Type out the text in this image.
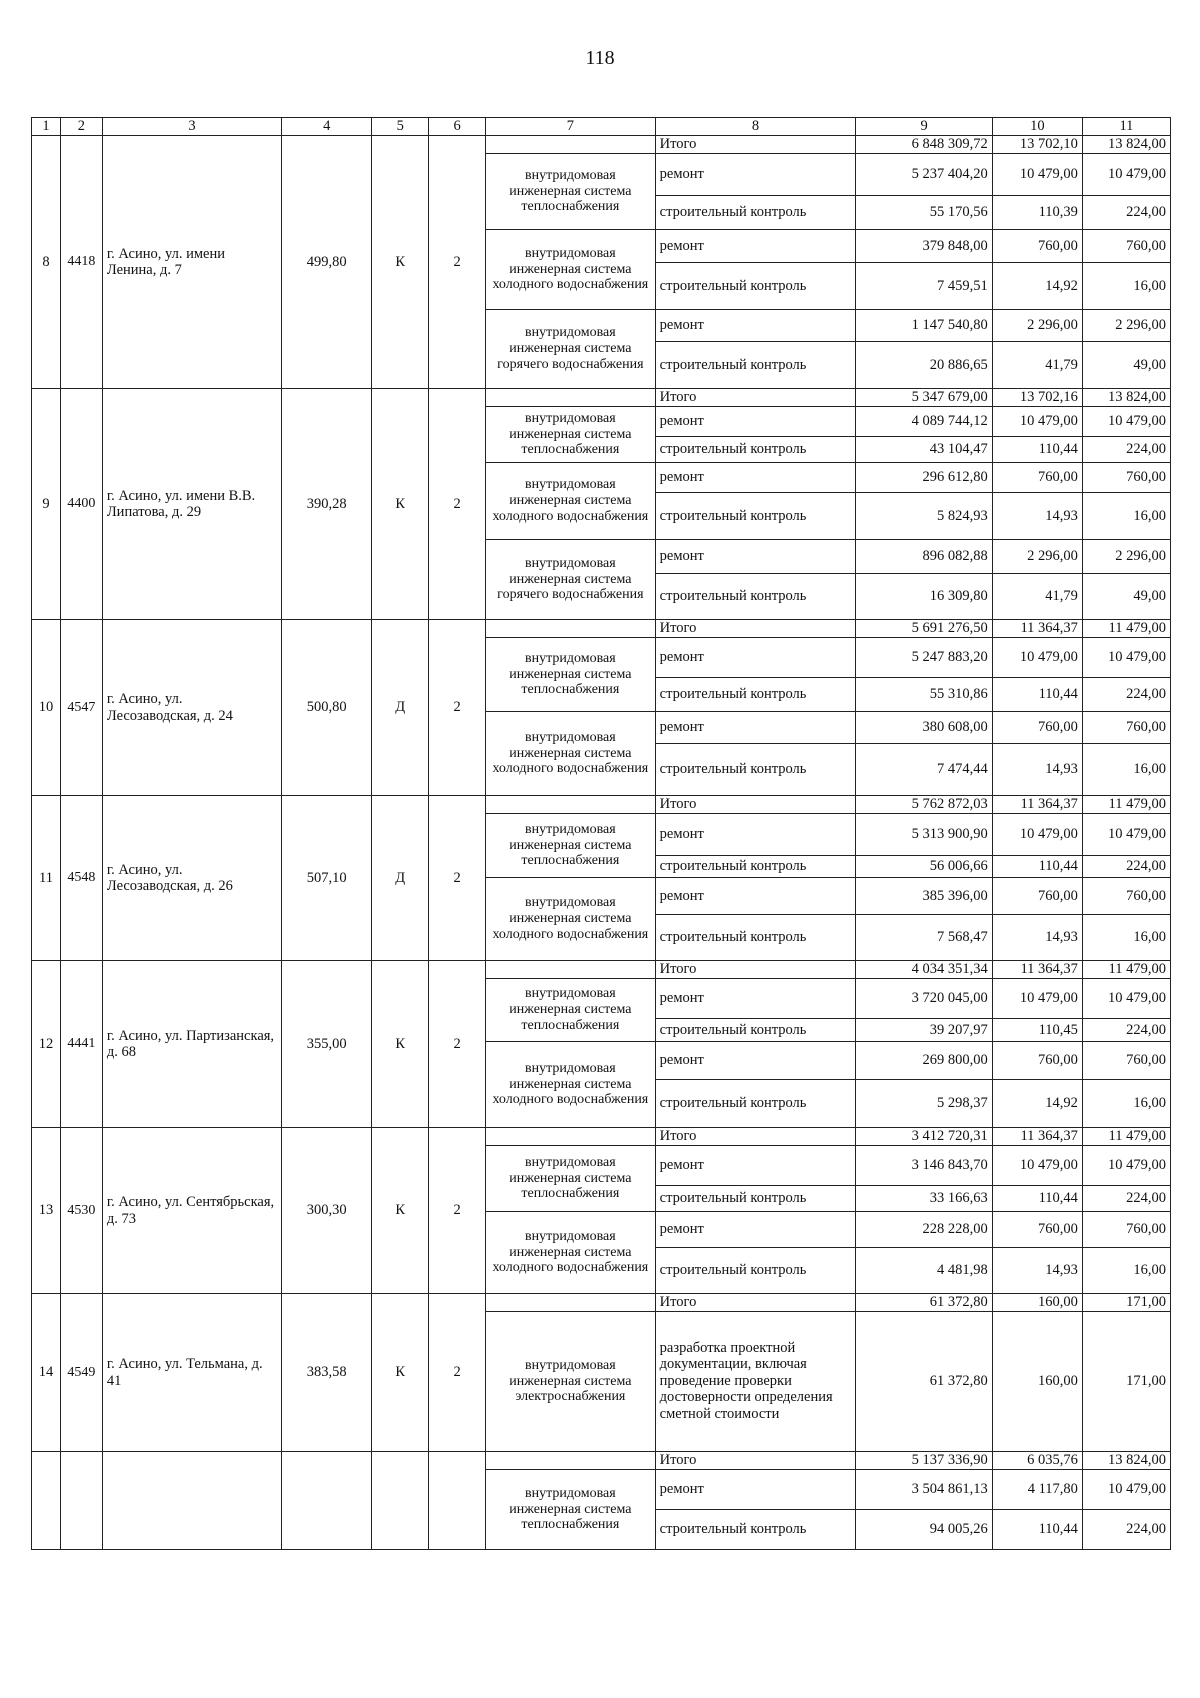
118
1	2	3	4	5	6	7	8	9	10	11
8	4418	г. Асино, ул. имени Ленина, д. 7	499,80	К	2		Итого	6 848 309,72	13 702,10	13 824,00
						внутридомовая инженерная система теплоснабжения	ремонт	5 237 404,20	10 479,00	10 479,00
							строительный контроль	55 170,56	110,39	224,00
						внутридомовая инженерная система холодного водоснабжения	ремонт	379 848,00	760,00	760,00
							строительный контроль	7 459,51	14,92	16,00
						внутридомовая инженерная система горячего водоснабжения	ремонт	1 147 540,80	2 296,00	2 296,00
							строительный контроль	20 886,65	41,79	49,00
9	4400	г. Асино, ул. имени В.В. Липатова, д. 29	390,28	К	2		Итого	5 347 679,00	13 702,16	13 824,00
						внутридомовая инженерная система теплоснабжения	ремонт	4 089 744,12	10 479,00	10 479,00
							строительный контроль	43 104,47	110,44	224,00
						внутридомовая инженерная система холодного водоснабжения	ремонт	296 612,80	760,00	760,00
							строительный контроль	5 824,93	14,93	16,00
						внутридомовая инженерная система горячего водоснабжения	ремонт	896 082,88	2 296,00	2 296,00
							строительный контроль	16 309,80	41,79	49,00
10	4547	г. Асино, ул. Лесозаводская, д. 24	500,80	Д	2		Итого	5 691 276,50	11 364,37	11 479,00
						внутридомовая инженерная система теплоснабжения	ремонт	5 247 883,20	10 479,00	10 479,00
							строительный контроль	55 310,86	110,44	224,00
						внутридомовая инженерная система холодного водоснабжения	ремонт	380 608,00	760,00	760,00
							строительный контроль	7 474,44	14,93	16,00
11	4548	г. Асино, ул. Лесозаводская, д. 26	507,10	Д	2		Итого	5 762 872,03	11 364,37	11 479,00
						внутридомовая инженерная система теплоснабжения	ремонт	5 313 900,90	10 479,00	10 479,00
							строительный контроль	56 006,66	110,44	224,00
						внутридомовая инженерная система холодного водоснабжения	ремонт	385 396,00	760,00	760,00
							строительный контроль	7 568,47	14,93	16,00
12	4441	г. Асино, ул. Партизанская, д. 68	355,00	К	2		Итого	4 034 351,34	11 364,37	11 479,00
						внутридомовая инженерная система теплоснабжения	ремонт	3 720 045,00	10 479,00	10 479,00
							строительный контроль	39 207,97	110,45	224,00
						внутридомовая инженерная система холодного водоснабжения	ремонт	269 800,00	760,00	760,00
							строительный контроль	5 298,37	14,92	16,00
13	4530	г. Асино, ул. Сентябрьская, д. 73	300,30	К	2		Итого	3 412 720,31	11 364,37	11 479,00
						внутридомовая инженерная система теплоснабжения	ремонт	3 146 843,70	10 479,00	10 479,00
							строительный контроль	33 166,63	110,44	224,00
						внутридомовая инженерная система холодного водоснабжения	ремонт	228 228,00	760,00	760,00
							строительный контроль	4 481,98	14,93	16,00
14	4549	г. Асино, ул. Тельмана, д. 41	383,58	К	2		Итого	61 372,80	160,00	171,00
						внутридомовая инженерная система электроснабжения	разработка проектной документации, включая проведение проверки достоверности определения сметной стоимости	61 372,80	160,00	171,00
							Итого	5 137 336,90	6 035,76	13 824,00
						внутридомовая инженерная система теплоснабжения	ремонт	3 504 861,13	4 117,80	10 479,00
							строительный контроль	94 005,26	110,44	224,00
